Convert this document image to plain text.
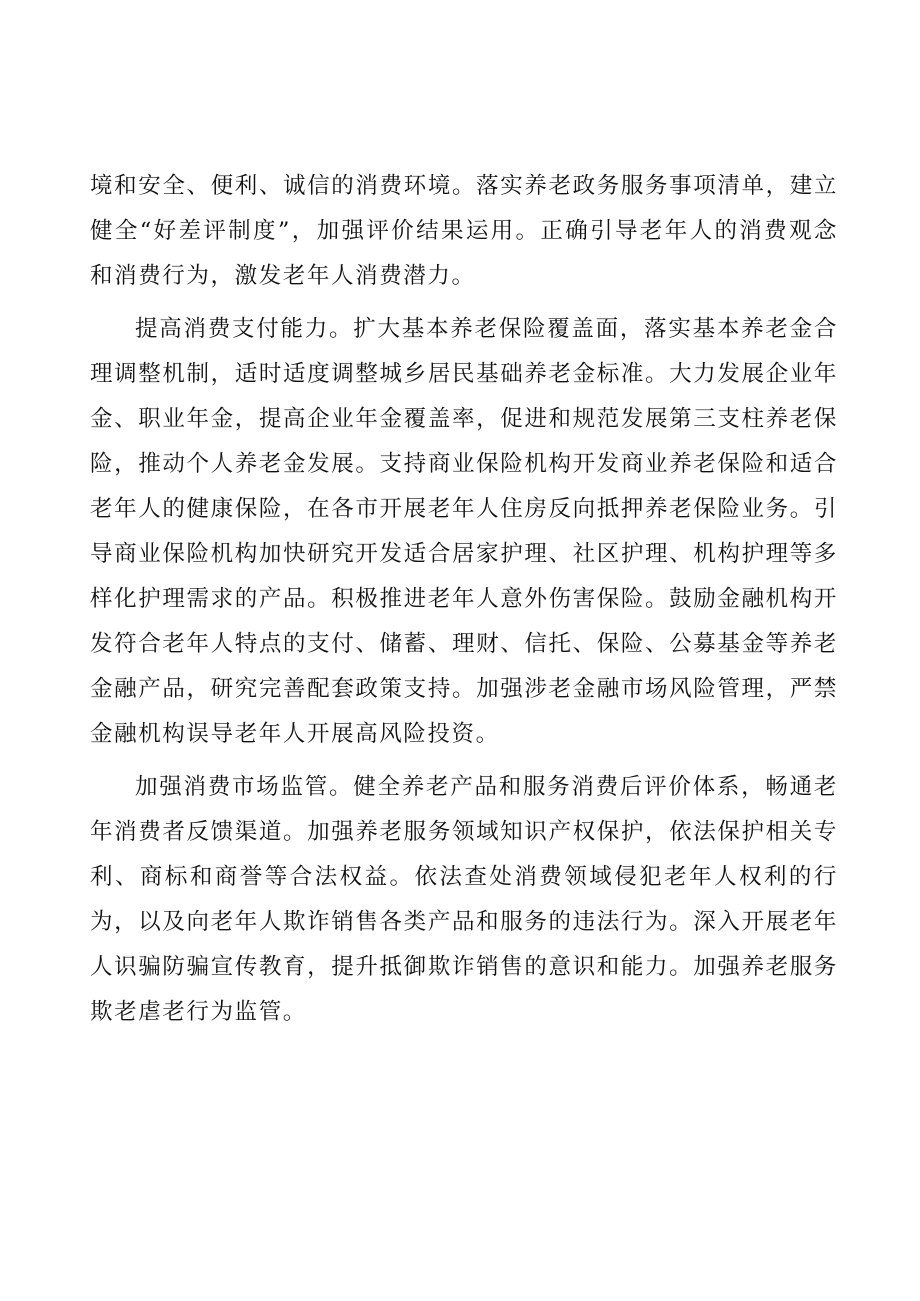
境和安全、便利、诚信的消费环境。落实养老政务服务事项清单，建立健全“好差评制度”，加强评价结果运用。正确引导老年人的消费观念和消费行为，激发老年人消费潜力。

提高消费支付能力。扩大基本养老保险覆盖面，落实基本养老金合理调整机制，适时适度调整城乡居民基础养老金标准。大力发展企业年金、职业年金，提高企业年金覆盖率，促进和规范发展第三支柱养老保险，推动个人养老金发展。支持商业保险机构开发商业养老保险和适合老年人的健康保险，在各市开展老年人住房反向抵押养老保险业务。引导商业保险机构加快研究开发适合居家护理、社区护理、机构护理等多样化护理需求的产品。积极推进老年人意外伤害保险。鼓励金融机构开发符合老年人特点的支付、储蓄、理财、信托、保险、公募基金等养老金融产品，研究完善配套政策支持。加强涉老金融市场风险管理，严禁金融机构误导老年人开展高风险投资。

加强消费市场监管。健全养老产品和服务消费后评价体系，畅通老年消费者反馈渠道。加强养老服务领域知识产权保护，依法保护相关专利、商标和商誉等合法权益。依法查处消费领域侵犯老年人权利的行为，以及向老年人欺诈销售各类产品和服务的违法行为。深入开展老年人识骗防骗宣传教育，提升抵御欺诈销售的意识和能力。加强养老服务欺老虐老行为监管。
